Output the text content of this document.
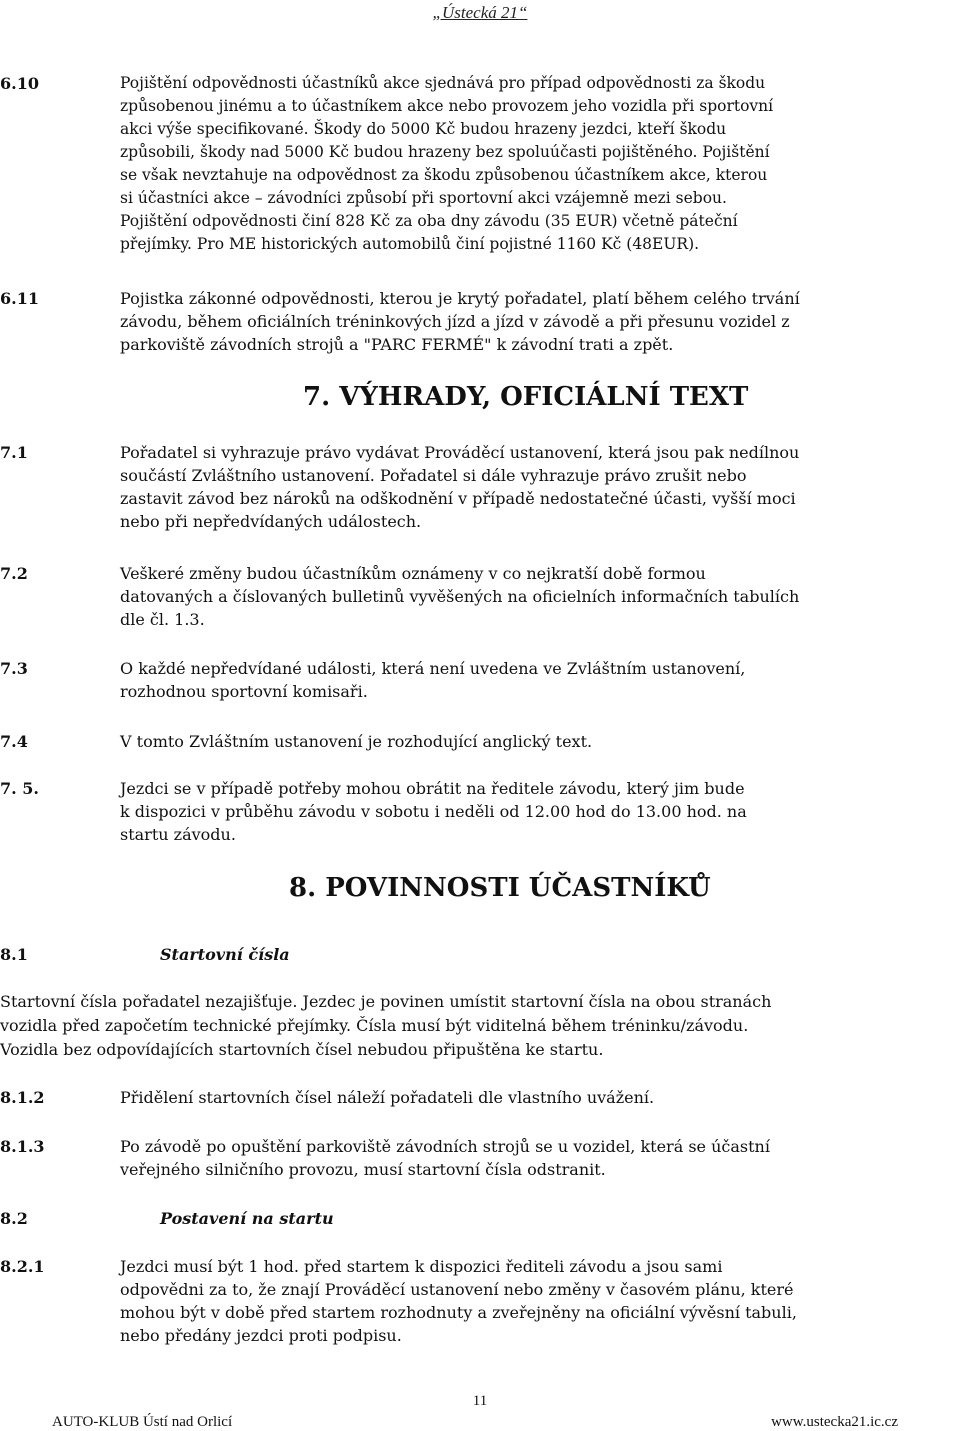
„Ústecká 21“
6.10	Pojištění odpovědnosti účastníků akce sjednává pro případ odpovědnosti za škodu
způsobenou jinému a to účastníkem akce nebo provozem jeho vozidla při sportovní
akci výše specifikované. Škody do 5000 Kč budou hrazeny jezdci, kteří škodu
způsobili, škody nad 5000 Kč budou hrazeny bez spoluúčasti pojištěného. Pojištění
se však nevztahuje na odpovědnost za škodu způsobenou účastníkem akce, kterou
si účastníci akce – závodníci způsobí při sportovní akci vzájemně mezi sebou.
Pojištění odpovědnosti činí 828 Kč za oba dny závodu (35 EUR) včetně páteční
přejímky. Pro ME historických automobilů činí pojistné 1160 Kč (48EUR).
6.11	Pojistka zákonné odpovědnosti, kterou je krytý pořadatel, platí během celého trvání
závodu, během oficiálních tréninkových jízd a jízd v závodě a při přesunu vozidel z
parkoviště závodních strojů a "PARC FERMÉ" k závodní trati a zpět.
7. VÝHRADY, OFICIÁLNÍ TEXT
7.1	Pořadatel si vyhrazuje právo vydávat Prováděcí ustanovení, která jsou pak nedílnou
součástí Zvláštního ustanovení. Pořadatel si dále vyhrazuje právo zrušit nebo
zastavit závod bez nároků na odškodnění v případě nedostatečné účasti, vyšší moci
nebo při nepředvídaných událostech.
7.2	Veškeré změny budou účastníkům oznámeny v co nejkratší době formou
datovaných a číslovaných bulletinů vyvěšených na oficielních informačních tabulích
dle čl. 1.3.
7.3	O každé nepředvídané události, která není uvedena ve Zvláštním ustanovení,
rozhodnou sportovní komisaři.
7.4	V tomto Zvláštním ustanovení je rozhodující anglický text.
7. 5.	Jezdci se v případě potřeby mohou obrátit na ředitele závodu, který jim bude
k dispozici v průběhu závodu v sobotu i neděli od 12.00 hod do 13.00 hod. na
startu závodu.
8. POVINNOSTI ÚČASTNÍKŮ
8.1	Startovní čísla
Startovní čísla pořadatel nezajišťuje. Jezdec je povinen umístit startovní čísla na obou stranách
vozidla před započetím technické přejímky. Čísla musí být viditelná během tréninku/závodu.
Vozidla bez odpovídajících startovních čísel nebudou připuštěna ke startu.
8.1.2	Přidělení startovních čísel náleží pořadateli dle vlastního uvážení.
8.1.3	Po závodě po opuštění parkoviště závodních strojů se u vozidel, která se účastní
veřejného silničního provozu, musí startovní čísla odstranit.
8.2	Postavení na startu
8.2.1	Jezdci musí být 1 hod. před startem k dispozici řediteli závodu a jsou sami
odpovědni za to, že znají Prováděcí ustanovení nebo změny v časovém plánu, které
mohou být v době před startem rozhodnuty a zveřejněny na oficiální vývěsní tabuli,
nebo předány jezdci proti podpisu.
11
AUTO-KLUB Ústí nad Orlicí	www.ustecka21.ic.cz
